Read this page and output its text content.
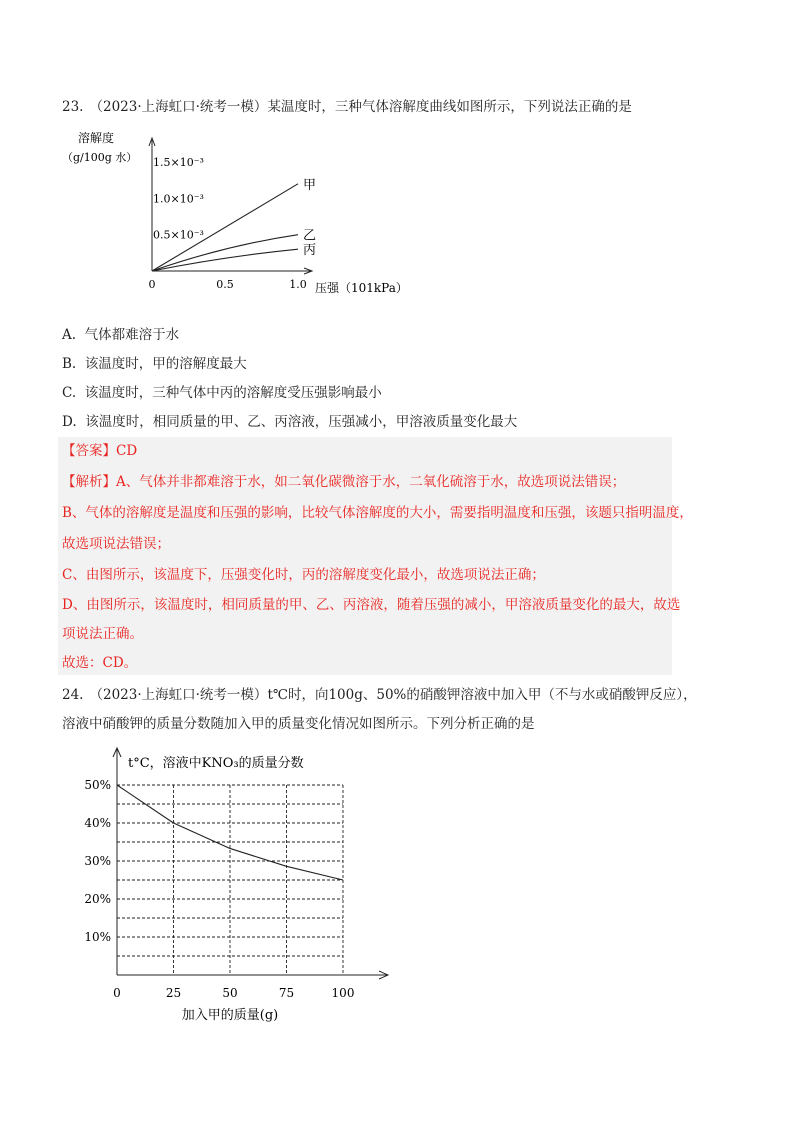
23. （2023·上海虹口·统考一模）某温度时，三种气体溶解度曲线如图所示，下列说法正确的是
溶解度
（g/100g 水）
0.5×10⁻³
1.0×10⁻³
1.5×10⁻³
0	0.5	1.0 压强（101kPa）
甲
乙
丙
A. 气体都难溶于水
B. 该温度时，甲的溶解度最大
C. 该温度时，三种气体中丙的溶解度受压强影响最小
D. 该温度时，相同质量的甲、乙、丙溶液，压强减小，甲溶液质量变化最大
【答案】CD
【解析】A、气体并非都难溶于水，如二氧化碳微溶于水，二氧化硫溶于水，故选项说法错误；
B、气体的溶解度是温度和压强的影响，比较气体溶解度的大小，需要指明温度和压强，该题只指明温度，
故选项说法错误；
C、由图所示，该温度下，压强变化时，丙的溶解度变化最小，故选项说法正确；
D、由图所示，该温度时，相同质量的甲、乙、丙溶液，随着压强的减小，甲溶液质量变化的最大，故选
项说法正确。
故选：CD。
24. （2023·上海虹口·统考一模）t℃时，向100g、50%的硝酸钾溶液中加入甲（不与水或硝酸钾反应），
溶液中硝酸钾的质量分数随加入甲的质量变化情况如图所示。下列分析正确的是
t°C，溶液中KNO₃的质量分数
10%
20%
30%
40%
50%
0	25	50	75	100
加入甲的质量(g)
